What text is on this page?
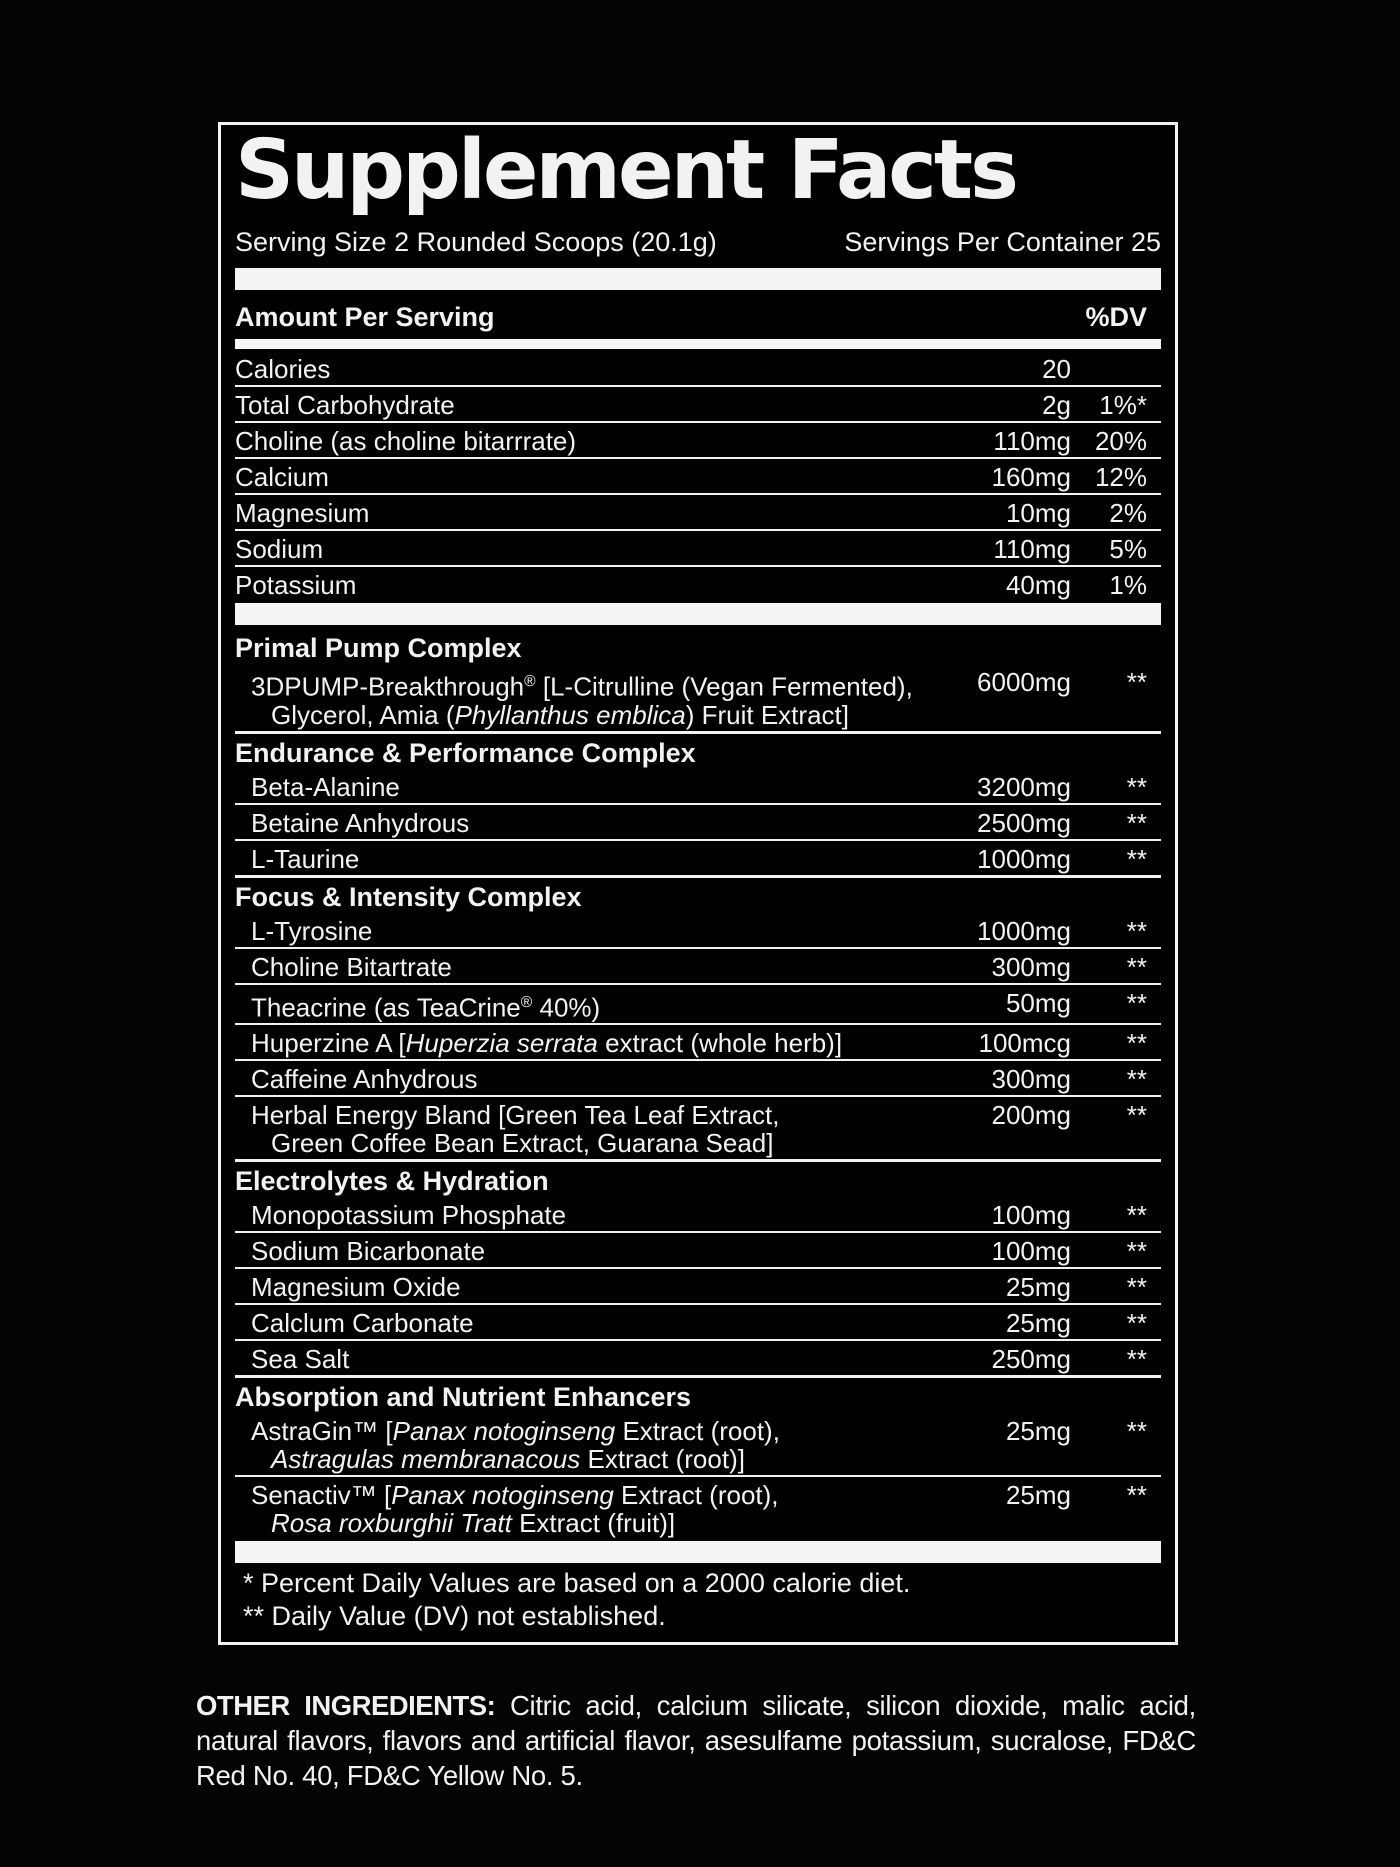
Supplement Facts
Serving Size 2 Rounded Scoops (20.1g)	Servings Per Container 25
Amount Per Serving	%DV
Calories	20
Total Carbohydrate	2g	1%*
Choline (as choline bitarrrate)	110mg 20%
Calcium	160mg 12%
Magnesium	10mg	2%
Sodium	110mg	5%
Potassium	40mg	1%
Primal Pump Complex
3DPUMP-Breakthrough® [L-Citrulline (Vegan Fermented),
Glycerol, Amia (Phyllanthus emblica) Fruit Extract]
6000mg	**
Endurance & Performance Complex
Beta-Alanine	3200mg	**
Betaine Anhydrous	2500mg	**
L-Taurine	1000mg	**
Focus & Intensity Complex
L-Tyrosine	1000mg	**
Choline Bitartrate	300mg	**
Theacrine (as TeaCrine® 40%)	50mg	**
Huperzine A [Huperzia serrata extract (whole herb)]	100mcg	**
Caffeine Anhydrous	300mg	**
Herbal Energy Bland [Green Tea Leaf Extract,
Green Coffee Bean Extract, Guarana Sead]
200mg	**
Electrolytes & Hydration
Monopotassium Phosphate	100mg	**
Sodium Bicarbonate	100mg	**
Magnesium Oxide	25mg	**
Calclum Carbonate	25mg	**
Sea Salt	250mg	**
Absorption and Nutrient Enhancers
AstraGin™ [Panax notoginseng Extract (root),
Astragulas membranacous Extract (root)]
25mg	**
Senactiv™ [Panax notoginseng Extract (root),
Rosa roxburghii Tratt Extract (fruit)]
25mg	**
* Percent Daily Values are based on a 2000 calorie diet.
** Daily Value (DV) not established.
OTHER INGREDIENTS: Citric acid, calcium silicate, silicon dioxide, malic acid, natural flavors, flavors and artificial flavor, asesulfame potassium, sucralose, FD&C Red No. 40, FD&C Yellow No. 5.
